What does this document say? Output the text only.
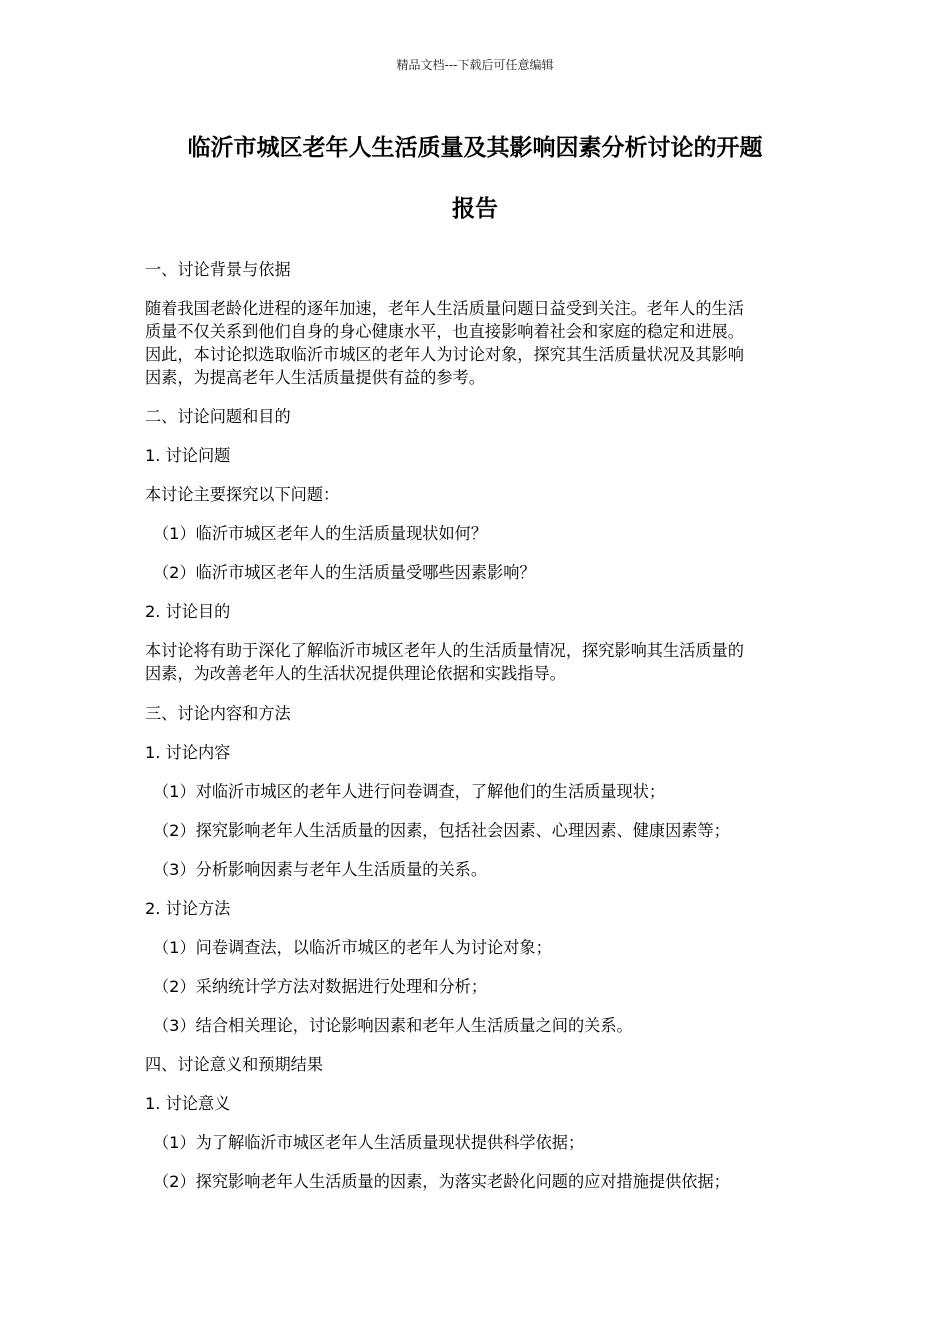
精品文档---下载后可任意编辑
临沂市城区老年人生活质量及其影响因素分析讨论的开题
报告
一、讨论背景与依据
随着我国老龄化进程的逐年加速，老年人生活质量问题日益受到关注。老年人的生活
质量不仅关系到他们自身的身心健康水平，也直接影响着社会和家庭的稳定和进展。
因此，本讨论拟选取临沂市城区的老年人为讨论对象，探究其生活质量状况及其影响
因素，为提高老年人生活质量提供有益的参考。
二、讨论问题和目的
1. 讨论问题
本讨论主要探究以下问题：
（1）临沂市城区老年人的生活质量现状如何？
（2）临沂市城区老年人的生活质量受哪些因素影响？
2. 讨论目的
本讨论将有助于深化了解临沂市城区老年人的生活质量情况，探究影响其生活质量的
因素，为改善老年人的生活状况提供理论依据和实践指导。
三、讨论内容和方法
1. 讨论内容
（1）对临沂市城区的老年人进行问卷调查，了解他们的生活质量现状；
（2）探究影响老年人生活质量的因素，包括社会因素、心理因素、健康因素等；
（3）分析影响因素与老年人生活质量的关系。
2. 讨论方法
（1）问卷调查法，以临沂市城区的老年人为讨论对象；
（2）采纳统计学方法对数据进行处理和分析；
（3）结合相关理论，讨论影响因素和老年人生活质量之间的关系。
四、讨论意义和预期结果
1. 讨论意义
（1）为了解临沂市城区老年人生活质量现状提供科学依据；
（2）探究影响老年人生活质量的因素，为落实老龄化问题的应对措施提供依据；
